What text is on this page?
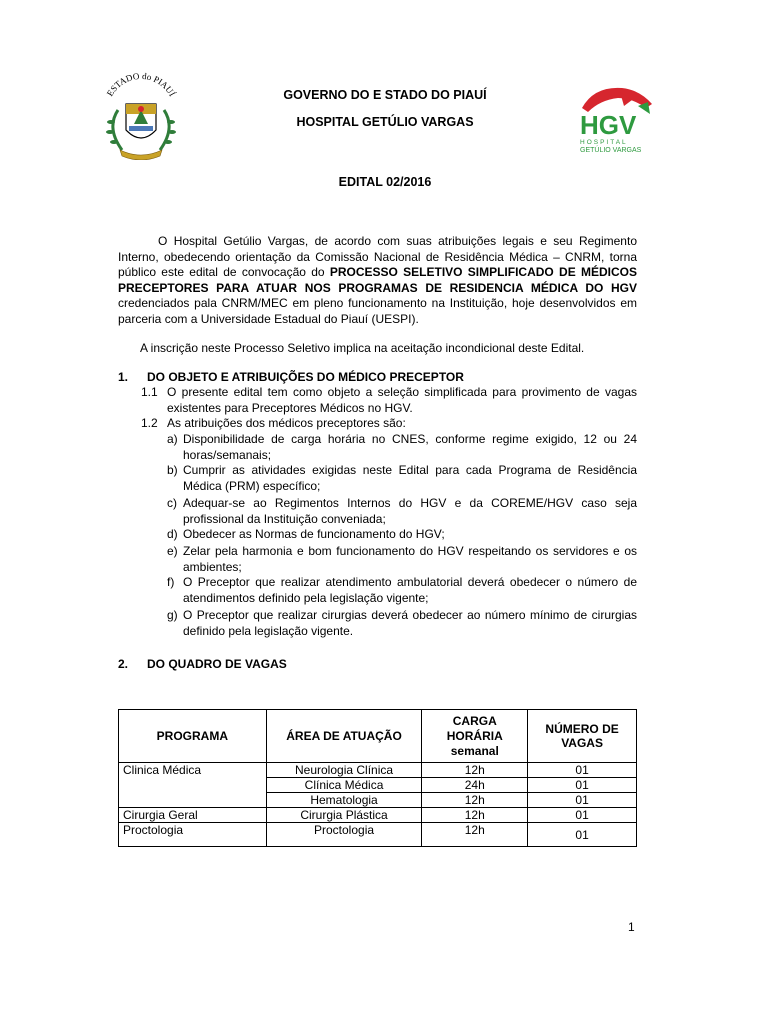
ESTADO do PIAUÍ	GOVERNO DO E STADO DO PIAUÍ
HOSPITAL GETÚLIO VARGAS	HGV
HOSPITAL
GETÚLIO VARGAS
EDITAL 02/2016

O Hospital Getúlio Vargas, de acordo com suas atribuições legais e seu Regimento Interno, obedecendo orientação da Comissão Nacional de Residência Médica – CNRM, torna público este edital de convocação do PROCESSO SELETIVO SIMPLIFICADO DE MÉDICOS PRECEPTORES PARA ATUAR NOS PROGRAMAS DE RESIDENCIA MÉDICA DO HGV credenciados pala CNRM/MEC em pleno funcionamento na Instituição, hoje desenvolvidos em parceria com a Universidade Estadual do Piauí (UESPI).

A inscrição neste Processo Seletivo implica na aceitação incondicional deste Edital.
1. DO OBJETO E ATRIBUIÇÕES DO MÉDICO PRECEPTOR
1.1 O presente edital tem como objeto a seleção simplificada para provimento de vagas existentes para Preceptores Médicos no HGV.
1.2 As atribuições dos médicos preceptores são:
a) Disponibilidade de carga horária no CNES, conforme regime exigido, 12 ou 24 horas/semanais;
b) Cumprir as atividades exigidas neste Edital para cada Programa de Residência Médica (PRM) específico;
c) Adequar-se ao Regimentos Internos do HGV e da COREME/HGV caso seja profissional da Instituição conveniada;
d) Obedecer as Normas de funcionamento do HGV;
e) Zelar pela harmonia e bom funcionamento do HGV respeitando os servidores e os ambientes;
f) O Preceptor que realizar atendimento ambulatorial deverá obedecer o número de atendimentos definido pela legislação vigente;
g) O Preceptor que realizar cirurgias deverá obedecer ao número mínimo de cirurgias definido pela legislação vigente.
2. DO QUADRO DE VAGAS
PROGRAMA	ÁREA DE ATUAÇÃO	CARGA HORÁRIA semanal	NÚMERO DE VAGAS
Clinica Médica	Neurologia Clínica	12h	01
	Clínica Médica	24h	01
	Hematologia	12h	01
Cirurgia Geral	Cirurgia Plástica	12h	01
Proctologia	Proctologia	12h	01
1
